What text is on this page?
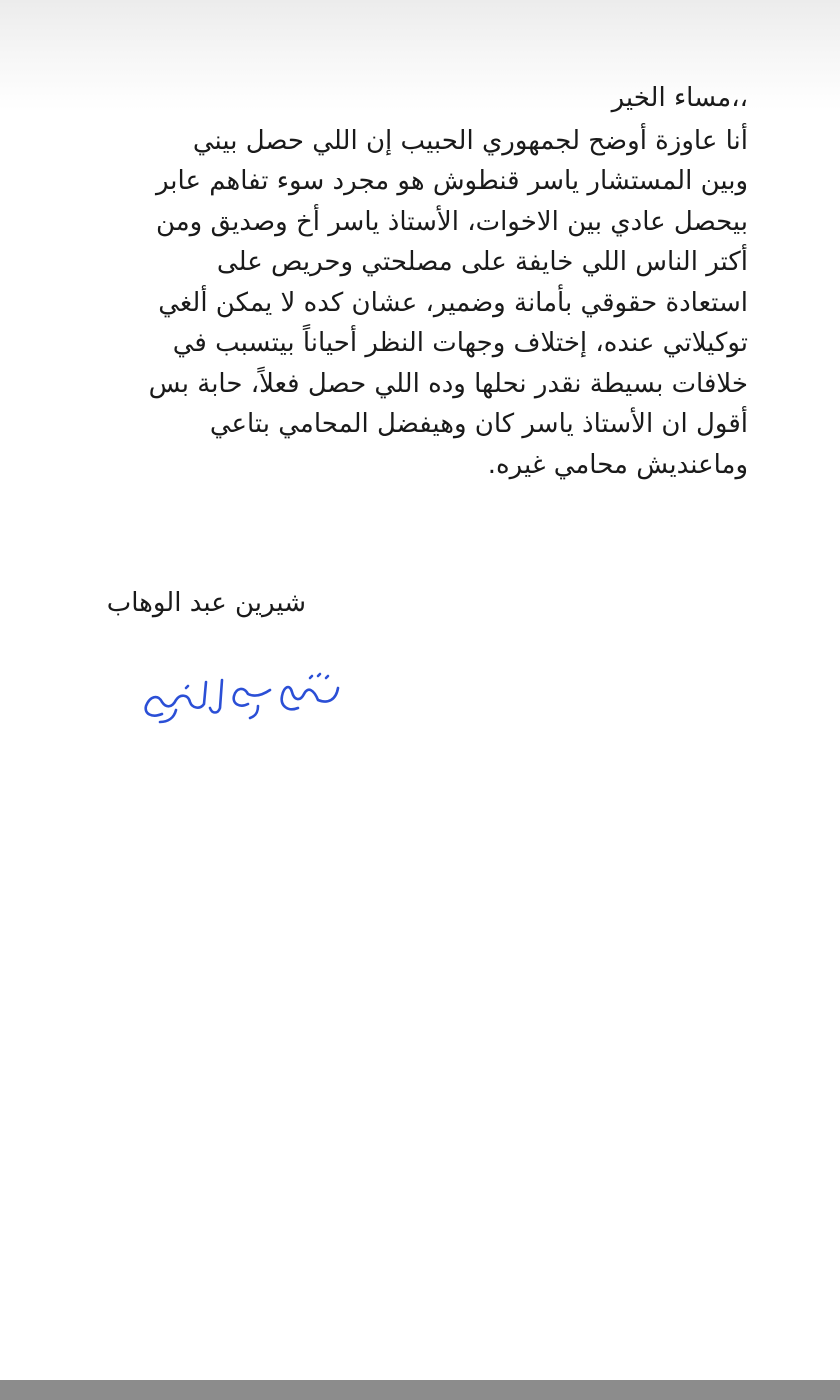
،،مساء الخير
أنا عاوزة أوضح لجمهوري الحبيب إن اللي حصل بيني
وبين المستشار ياسر قنطوش هو مجرد سوء تفاهم عابر
بيحصل عادي بين الاخوات، الأستاذ ياسر أخ وصديق ومن
أكتر الناس اللي خايفة على مصلحتي وحريص على
استعادة حقوقي بأمانة وضمير، عشان كده لا يمكن ألغي
توكيلاتي عنده، إختلاف وجهات النظر أحياناً بيتسبب في
خلافات بسيطة نقدر نحلها وده اللي حصل فعلاً، حابة بس
أقول ان الأستاذ ياسر كان وهيفضل المحامي بتاعي
وماعنديش محامي غيره.
شيرين عبد الوهاب
